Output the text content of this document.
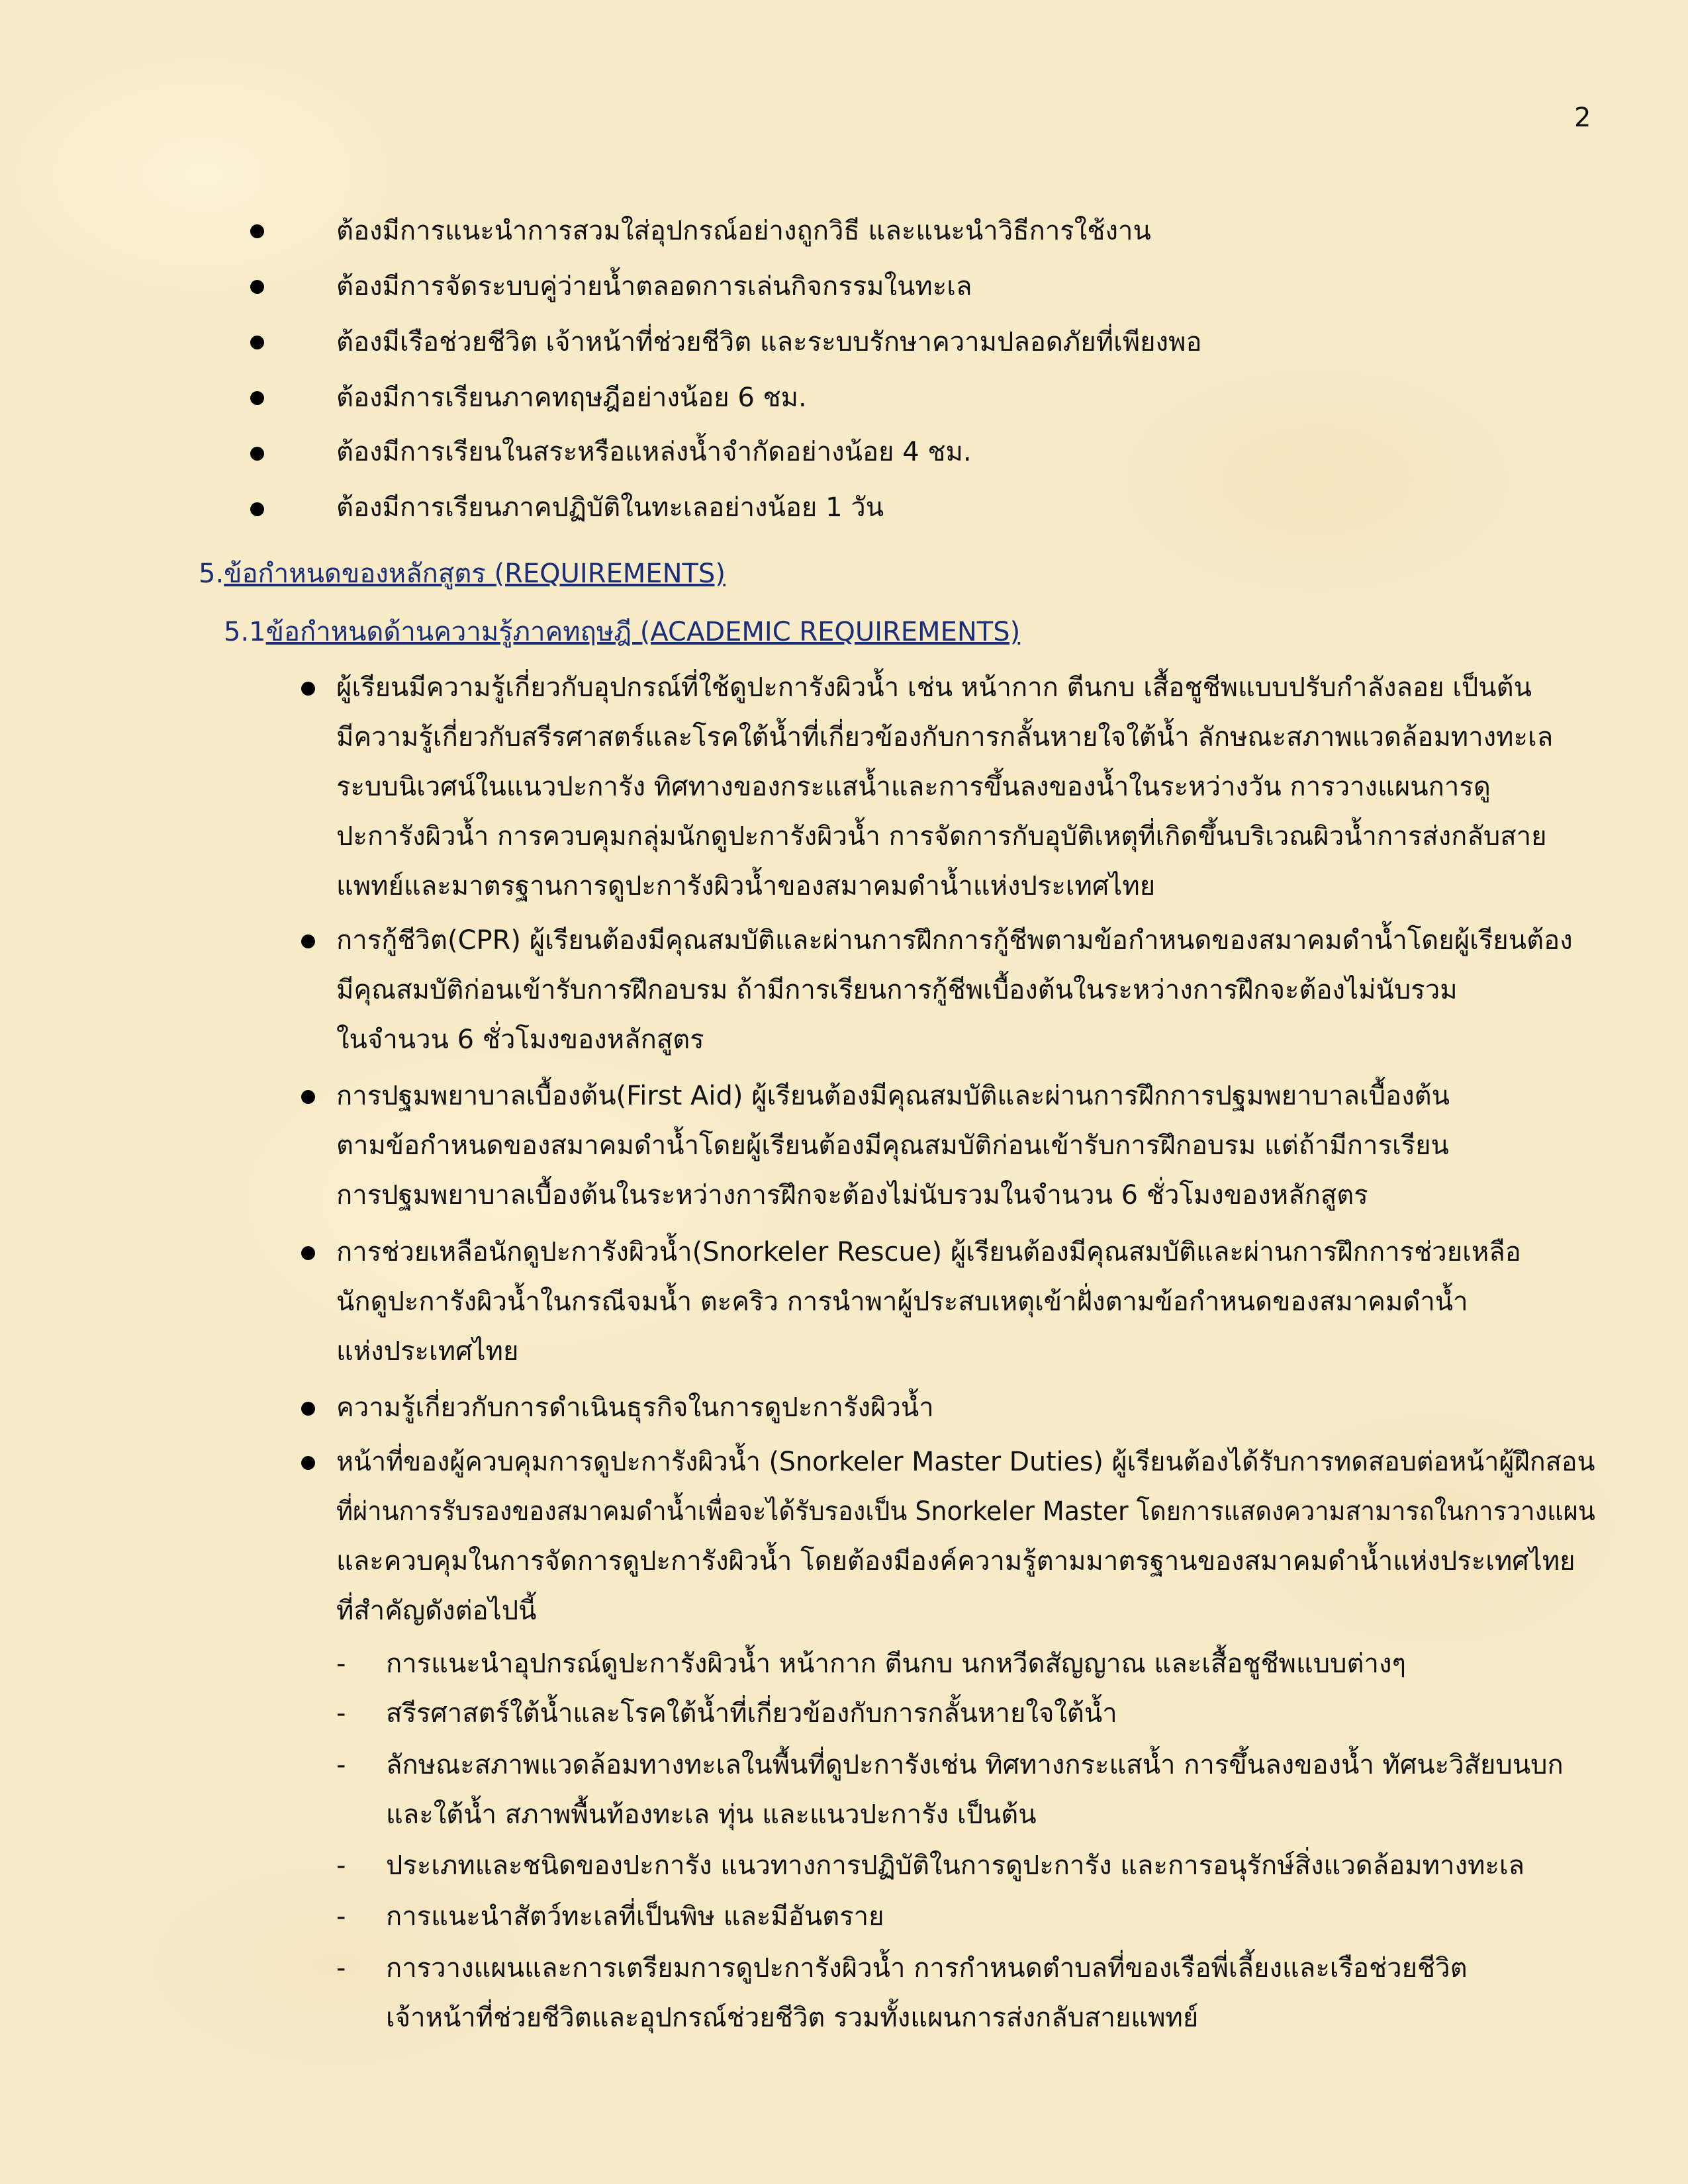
2
ต้องมีการแนะนำการสวมใส่อุปกรณ์อย่างถูกวิธี และแนะนำวิธีการใช้งาน
ต้องมีการจัดระบบคู่ว่ายน้ำตลอดการเล่นกิจกรรมในทะเล
ต้องมีเรือช่วยชีวิต เจ้าหน้าที่ช่วยชีวิต และระบบรักษาความปลอดภัยที่เพียงพอ
ต้องมีการเรียนภาคทฤษฎีอย่างน้อย 6 ชม.
ต้องมีการเรียนในสระหรือแหล่งน้ำจำกัดอย่างน้อย 4 ชม.
ต้องมีการเรียนภาคปฏิบัติในทะเลอย่างน้อย 1 วัน
5.ข้อกำหนดของหลักสูตร (REQUIREMENTS)
5.1ข้อกำหนดด้านความรู้ภาคทฤษฎี (ACADEMIC REQUIREMENTS)
ผู้เรียนมีความรู้เกี่ยวกับอุปกรณ์ที่ใช้ดูปะการังผิวน้ำ เช่น หน้ากาก ตีนกบ เสื้อชูชีพแบบปรับกำลังลอย เป็นต้น
มีความรู้เกี่ยวกับสรีรศาสตร์และโรคใต้น้ำที่เกี่ยวข้องกับการกลั้นหายใจใต้น้ำ ลักษณะสภาพแวดล้อมทางทะเล
ระบบนิเวศน์ในแนวปะการัง ทิศทางของกระแสน้ำและการขึ้นลงของน้ำในระหว่างวัน การวางแผนการดู
ปะการังผิวน้ำ การควบคุมกลุ่มนักดูปะการังผิวน้ำ การจัดการกับอุบัติเหตุที่เกิดขึ้นบริเวณผิวน้ำการส่งกลับสาย
แพทย์และมาตรฐานการดูปะการังผิวน้ำของสมาคมดำน้ำแห่งประเทศไทย
การกู้ชีวิต(CPR) ผู้เรียนต้องมีคุณสมบัติและผ่านการฝึกการกู้ชีพตามข้อกำหนดของสมาคมดำน้ำโดยผู้เรียนต้อง
มีคุณสมบัติก่อนเข้ารับการฝึกอบรม ถ้ามีการเรียนการกู้ชีพเบื้องต้นในระหว่างการฝึกจะต้องไม่นับรวม
ในจำนวน 6 ชั่วโมงของหลักสูตร
การปฐมพยาบาลเบื้องต้น(First Aid) ผู้เรียนต้องมีคุณสมบัติและผ่านการฝึกการปฐมพยาบาลเบื้องต้น
ตามข้อกำหนดของสมาคมดำน้ำโดยผู้เรียนต้องมีคุณสมบัติก่อนเข้ารับการฝึกอบรม แต่ถ้ามีการเรียน
การปฐมพยาบาลเบื้องต้นในระหว่างการฝึกจะต้องไม่นับรวมในจำนวน 6 ชั่วโมงของหลักสูตร
การช่วยเหลือนักดูปะการังผิวน้ำ(Snorkeler Rescue) ผู้เรียนต้องมีคุณสมบัติและผ่านการฝึกการช่วยเหลือ
นักดูปะการังผิวน้ำในกรณีจมน้ำ ตะคริว การนำพาผู้ประสบเหตุเข้าฝั่งตามข้อกำหนดของสมาคมดำน้ำ
แห่งประเทศไทย
ความรู้เกี่ยวกับการดำเนินธุรกิจในการดูปะการังผิวน้ำ
หน้าที่ของผู้ควบคุมการดูปะการังผิวน้ำ (Snorkeler Master Duties) ผู้เรียนต้องได้รับการทดสอบต่อหน้าผู้ฝึกสอน
ที่ผ่านการรับรองของสมาคมดำน้ำเพื่อจะได้รับรองเป็น Snorkeler Master โดยการแสดงความสามารถในการวางแผน
และควบคุมในการจัดการดูปะการังผิวน้ำ โดยต้องมีองค์ความรู้ตามมาตรฐานของสมาคมดำน้ำแห่งประเทศไทย
ที่สำคัญดังต่อไปนี้
- การแนะนำอุปกรณ์ดูปะการังผิวน้ำ หน้ากาก ตีนกบ นกหวีดสัญญาณ และเสื้อชูชีพแบบต่างๆ
- สรีรศาสตร์ใต้น้ำและโรคใต้น้ำที่เกี่ยวข้องกับการกลั้นหายใจใต้น้ำ
- ลักษณะสภาพแวดล้อมทางทะเลในพื้นที่ดูปะการังเช่น ทิศทางกระแสน้ำ การขึ้นลงของน้ำ ทัศนะวิสัยบนบก
และใต้น้ำ สภาพพื้นท้องทะเล ทุ่น และแนวปะการัง เป็นต้น
- ประเภทและชนิดของปะการัง แนวทางการปฏิบัติในการดูปะการัง และการอนุรักษ์สิ่งแวดล้อมทางทะเล
- การแนะนำสัตว์ทะเลที่เป็นพิษ และมีอันตราย
- การวางแผนและการเตรียมการดูปะการังผิวน้ำ การกำหนดตำบลที่ของเรือพี่เลี้ยงและเรือช่วยชีวิต
เจ้าหน้าที่ช่วยชีวิตและอุปกรณ์ช่วยชีวิต รวมทั้งแผนการส่งกลับสายแพทย์
